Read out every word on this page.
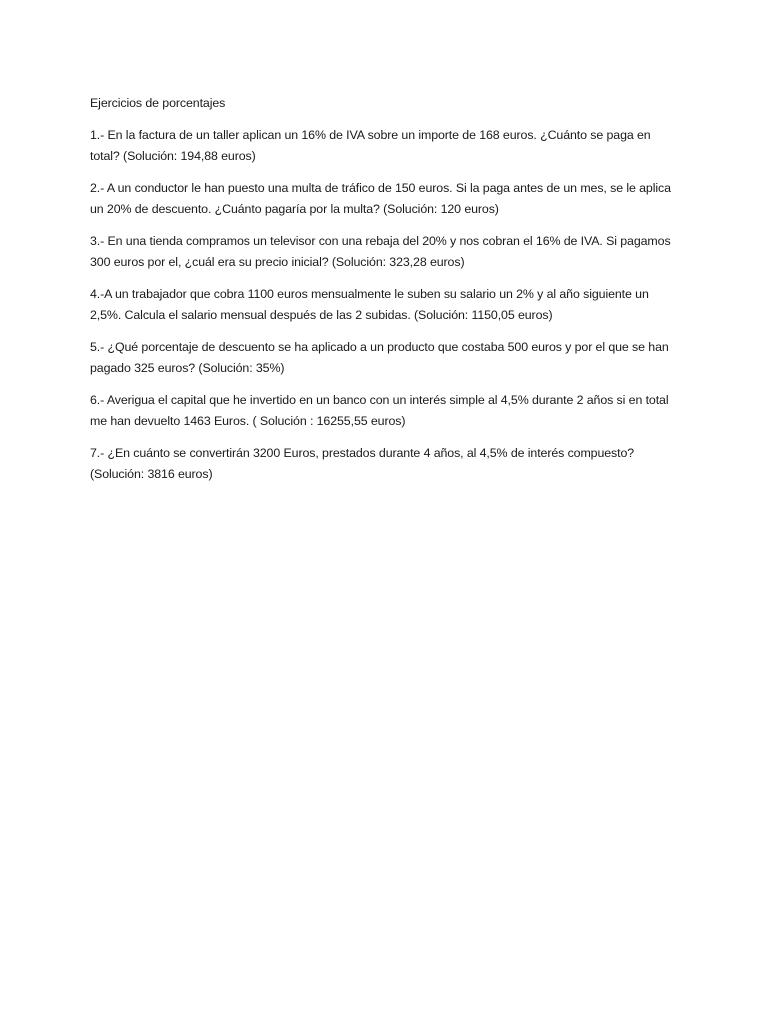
Ejercicios de porcentajes

1.- En la factura de un taller aplican un 16% de IVA sobre un importe de 168 euros. ¿Cuánto se paga en total? (Solución: 194,88 euros)

2.- A un conductor le han puesto una multa de tráfico de 150 euros. Si la paga antes de un mes, se le aplica un 20% de descuento. ¿Cuánto pagaría por la multa? (Solución: 120 euros)

3.- En una tienda compramos un televisor con una rebaja del 20% y nos cobran el 16% de IVA. Si pagamos 300 euros por el, ¿cuál era su precio inicial? (Solución: 323,28 euros)

4.-A un trabajador que cobra 1100 euros mensualmente le suben su salario un 2% y al año siguiente un 2,5%. Calcula el salario mensual después de las 2 subidas. (Solución: 1150,05 euros)

5.- ¿Qué porcentaje de descuento se ha aplicado a un producto que costaba 500 euros y por el que se han pagado 325 euros? (Solución: 35%)

6.- Averigua el capital que he invertido en un banco con un interés simple al 4,5% durante 2 años si en total me han devuelto 1463 Euros. ( Solución : 16255,55 euros)

7.- ¿En cuánto se convertirán 3200 Euros, prestados durante 4 años, al 4,5% de interés compuesto? (Solución: 3816 euros)
